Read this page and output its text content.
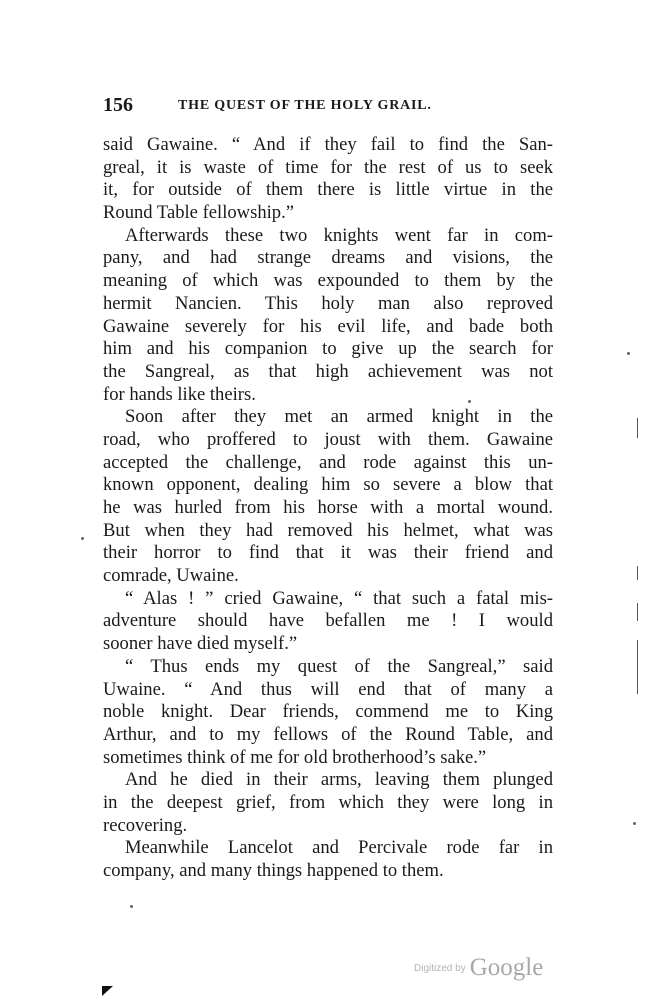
156	THE QUEST OF THE HOLY GRAIL.
said Gawaine. “ And if they fail to find the San-
greal, it is waste of time for the rest of us to seek
it, for outside of them there is little virtue in the
Round Table fellowship.”
Afterwards these two knights went far in com-
pany, and had strange dreams and visions, the
meaning of which was expounded to them by the
hermit Nancien. This holy man also reproved
Gawaine severely for his evil life, and bade both
him and his companion to give up the search for
the Sangreal, as that high achievement was not
for hands like theirs.
Soon after they met an armed knight in the
road, who proffered to joust with them. Gawaine
accepted the challenge, and rode against this un-
known opponent, dealing him so severe a blow that
he was hurled from his horse with a mortal wound.
But when they had removed his helmet, what was
their horror to find that it was their friend and
comrade, Uwaine.
“ Alas ! ” cried Gawaine, “ that such a fatal mis-
adventure should have befallen me ! I would
sooner have died myself.”
“ Thus ends my quest of the Sangreal,” said
Uwaine. “ And thus will end that of many a
noble knight. Dear friends, commend me to King
Arthur, and to my fellows of the Round Table, and
sometimes think of me for old brotherhood’s sake.”
And he died in their arms, leaving them plunged
in the deepest grief, from which they were long in
recovering.
Meanwhile Lancelot and Percivale rode far in
company, and many things happened to them.
$^{Digitized by}$ Google
